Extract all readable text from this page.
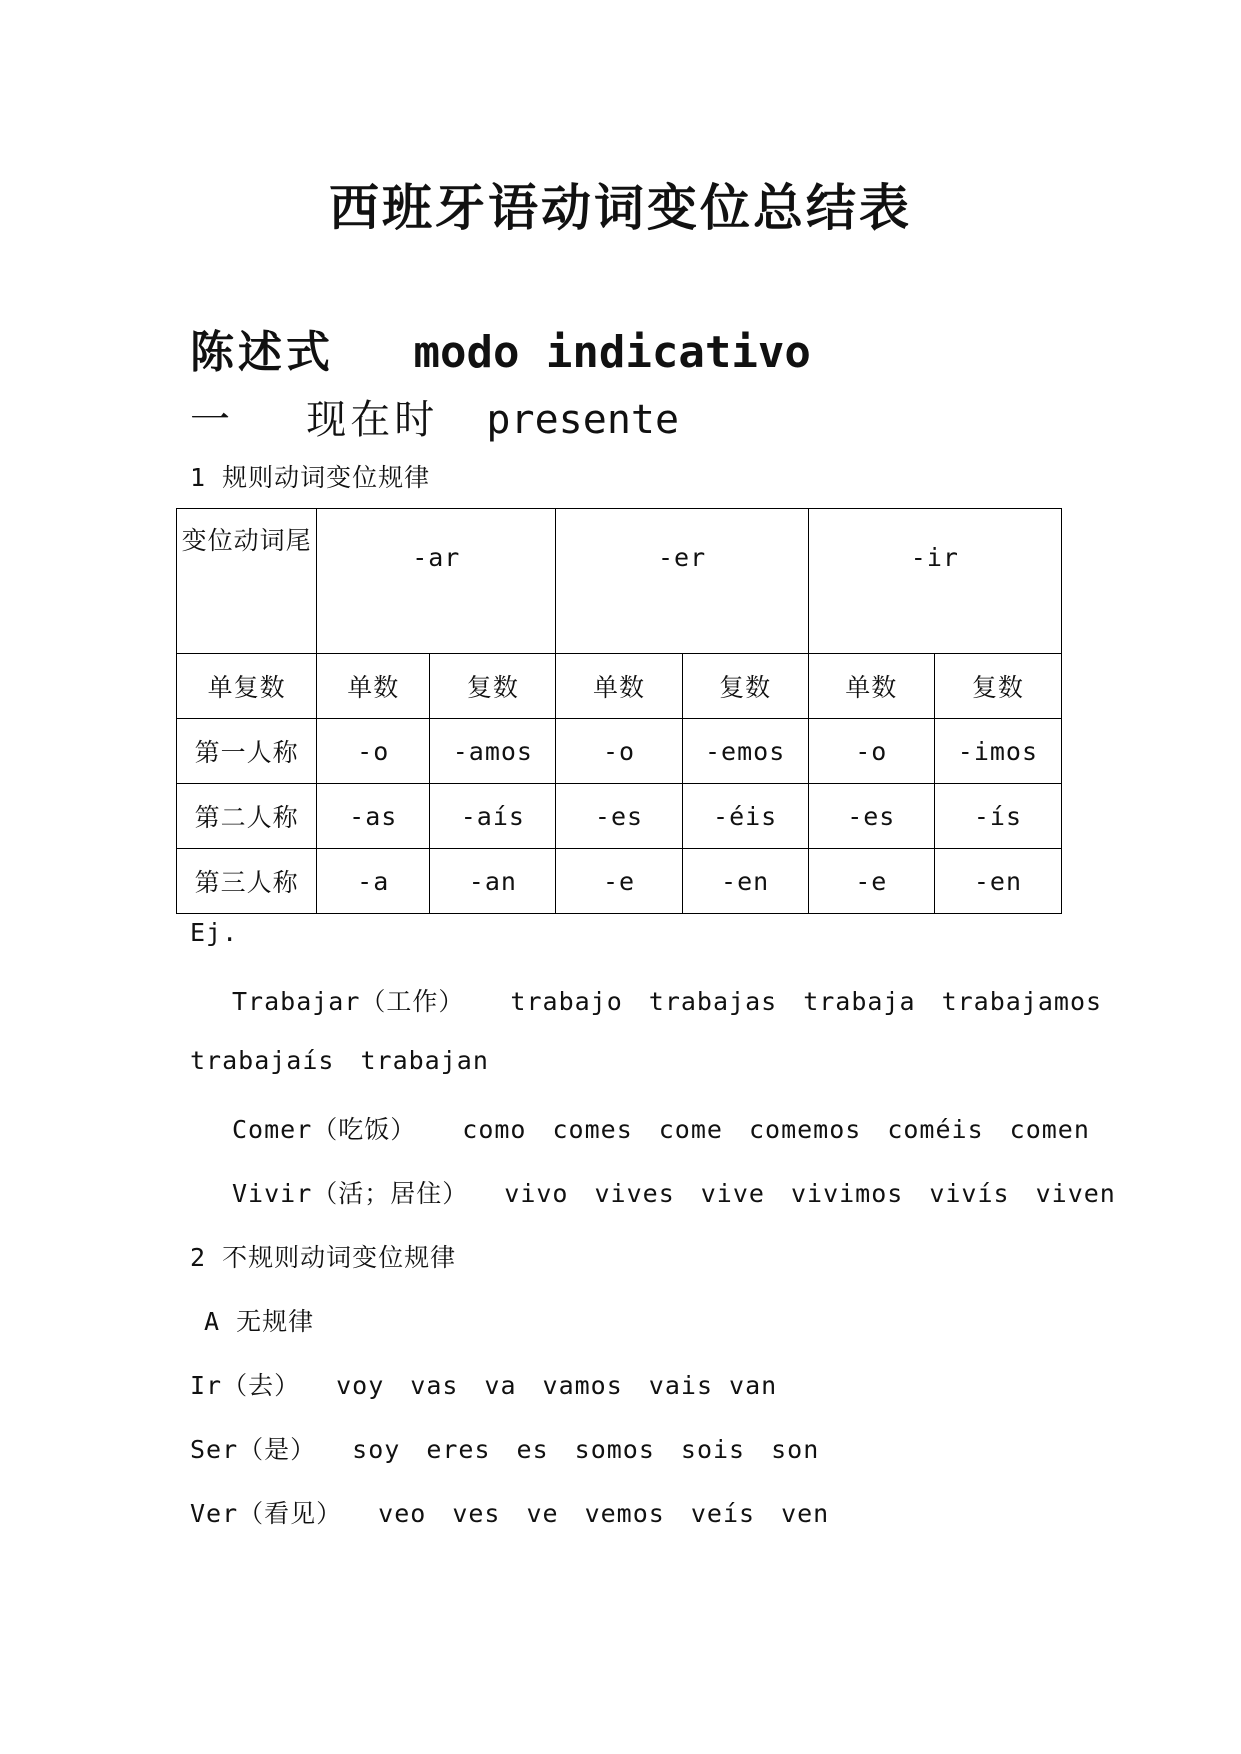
西班牙语动词变位总结表
陈述式 modo indicativo
一 现在时 presente
1 规则动词变位规律
变位动词尾	-ar		-er		-ir	
单复数	单数	复数	单数	复数	单数	复数
第一人称	-o	-amos	-o	-emos	-o	-imos
第二人称	-as	-aís	-es	-éis	-es	-ís
第三人称	-a	-an	-e	-en	-e	-en
Ej.
Trabajar（工作） trabajo trabajas trabaja trabajamos
trabajaís trabajan
Comer（吃饭） como comes come comemos coméis comen
Vivir（活；居住） vivo vives vive vivimos vivís viven
2 不规则动词变位规律
A 无规律
Ir（去） voy vas va vamos vais van
Ser（是） soy eres es somos sois son
Ver（看见） veo ves ve vemos veís ven
